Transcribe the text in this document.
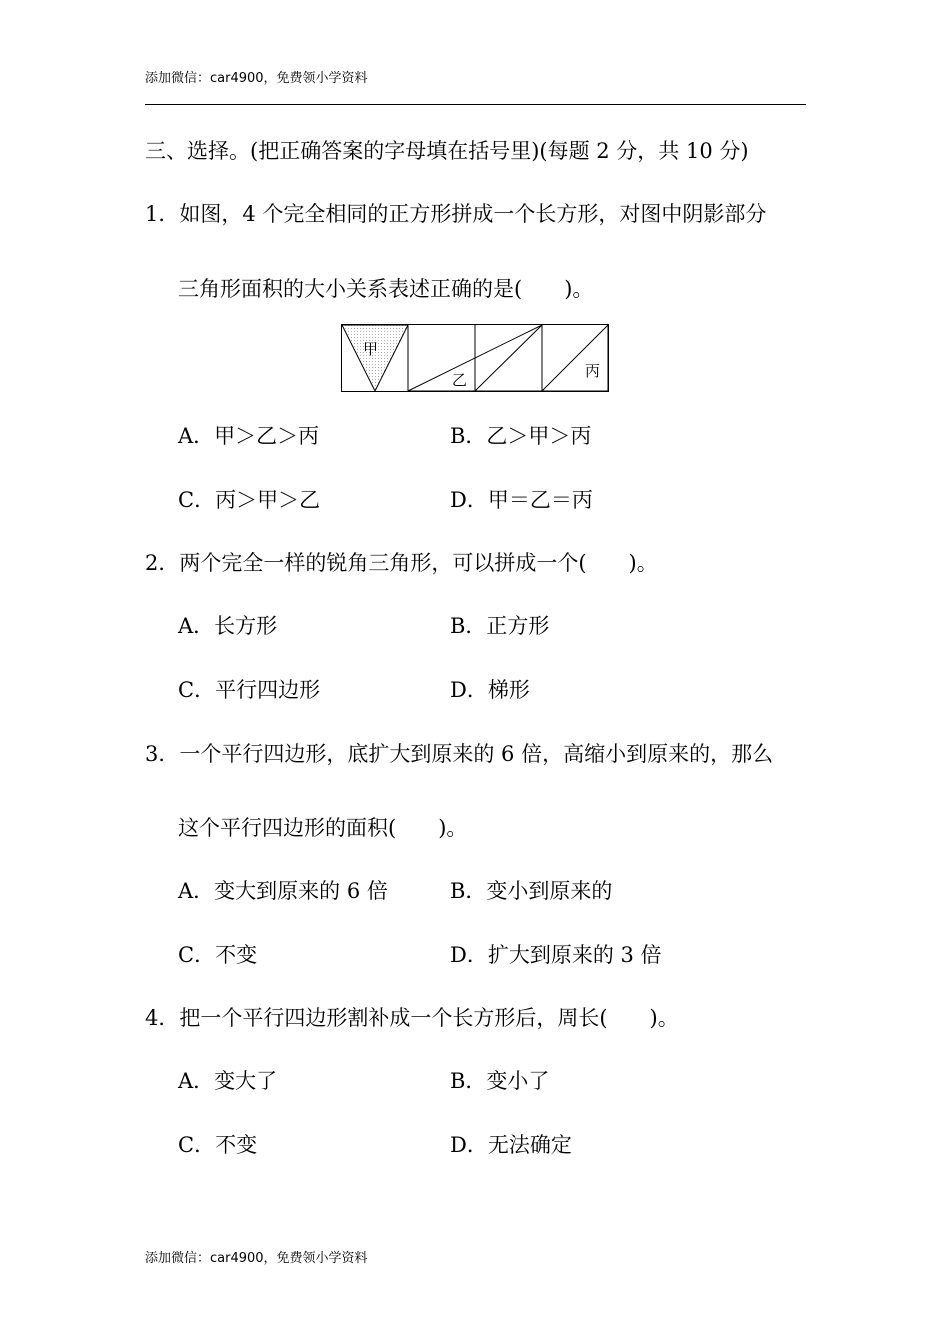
添加微信：car4900，免费领小学资料
三、选择。(把正确答案的字母填在括号里)(每题 2 分，共 10 分)
1．如图，4 个完全相同的正方形拼成一个长方形，对图中阴影部分
三角形面积的大小关系表述正确的是(　　)。
甲
乙	丙
A．甲＞乙＞丙	B．乙＞甲＞丙
C．丙＞甲＞乙	D．甲＝乙＝丙
2．两个完全一样的锐角三角形，可以拼成一个(　　)。
A．长方形	B．正方形
C．平行四边形	D．梯形
3．一个平行四边形，底扩大到原来的 6 倍，高缩小到原来的，那么
这个平行四边形的面积(　　)。
A．变大到原来的 6 倍	B．变小到原来的
C．不变	D．扩大到原来的 3 倍
4．把一个平行四边形割补成一个长方形后，周长(　　)。
A．变大了	B．变小了
C．不变	D．无法确定
添加微信：car4900，免费领小学资料
